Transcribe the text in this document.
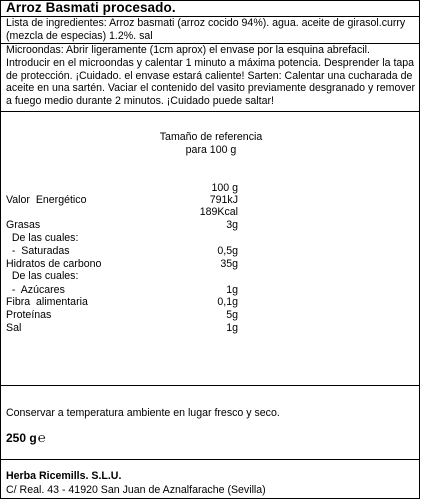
Arroz Basmati procesado.

Lista de ingredientes: Arroz basmati (arroz cocido 94%). agua. aceite de girasol.curry (mezcla de especias) 1.2%. sal

Microondas: Abrir ligeramente (1cm aprox) el envase por la esquina abrefacil. Introducir en el microondas y calentar 1 minuto a máxima potencia. Desprender la tapa de protección. ¡Cuidado. el envase estará caliente! Sarten: Calentar una cucharada de aceite en una sartén. Vaciar el contenido del vasito previamente desgranado y remover a fuego medio durante 2 minutos. ¡Cuidado puede saltar!

Tamaño de referencia
para 100 g
100 g
Valor  Energético	791kJ
189Kcal
Grasas	3g
De las cuales:
-  Saturadas	0,5g
Hidratos de carbono	35g
De las cuales:
-  Azúcares	1g
Fibra  alimentaria	0,1g
Proteínas	5g
Sal	1g
Conservar a temperatura ambiente en lugar fresco y seco.
250 g℮
Herba Ricemills. S.L.U.
C/ Real. 43 - 41920 San Juan de Aznalfarache (Sevilla)
